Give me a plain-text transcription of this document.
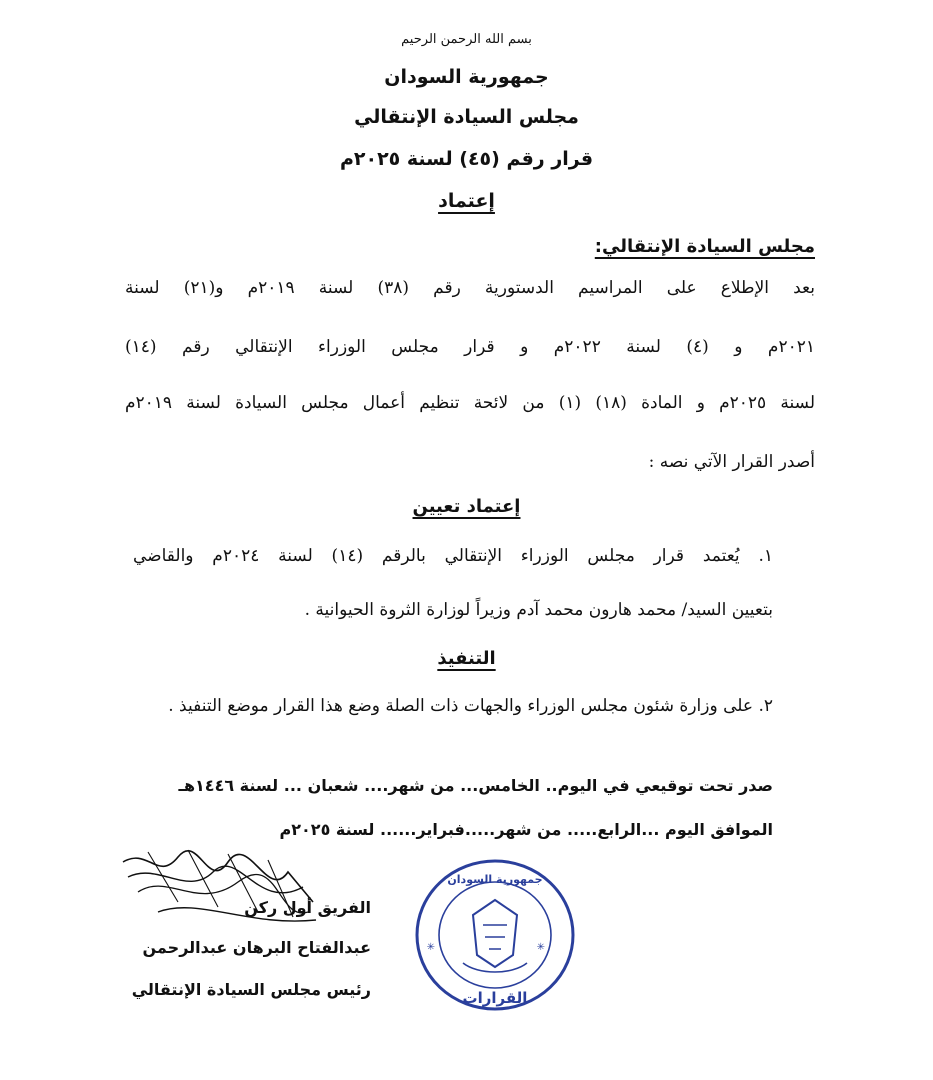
بسم الله الرحمن الرحيم
جمهورية السودان
مجلس السيادة الإنتقالي
قرار رقم (٤٥) لسنة ٢٠٢٥م
إعتماد
مجلس السيادة الإنتقالي:
بعد الإطلاع على المراسيم الدستورية رقم (٣٨) لسنة ٢٠١٩م و(٢١) لسنة
٢٠٢١م و (٤) لسنة ٢٠٢٢م و قرار مجلس الوزراء الإنتقالي رقم (١٤)
لسنة ٢٠٢٥م و المادة (١٨) (١) من لائحة تنظيم أعمال مجلس السيادة لسنة ٢٠١٩م
أصدر القرار الآتي نصه :
إعتماد تعيين
١. يُعتمد قرار مجلس الوزراء الإنتقالي بالرقم (١٤) لسنة ٢٠٢٤م والقاضي
بتعيين السيد/ محمد هارون محمد آدم وزيراً لوزارة الثروة الحيوانية .
التنفيذ
٢. على وزارة شئون مجلس الوزراء والجهات ذات الصلة وضع هذا القرار موضع التنفيذ .
صدر تحت توقيعي في اليوم.. الخامس... من شهر.... شعبان ... لسنة ١٤٤٦هـ
الموافق اليوم ...الرابع..... من شهر.....فبراير...... لسنة ٢٠٢٥م
الفريق أول ركن
عبدالفتاح البرهان عبدالرحمن
رئيس مجلس السيادة الإنتقالي
جمهورية السودان
القرارات
✳	✳
